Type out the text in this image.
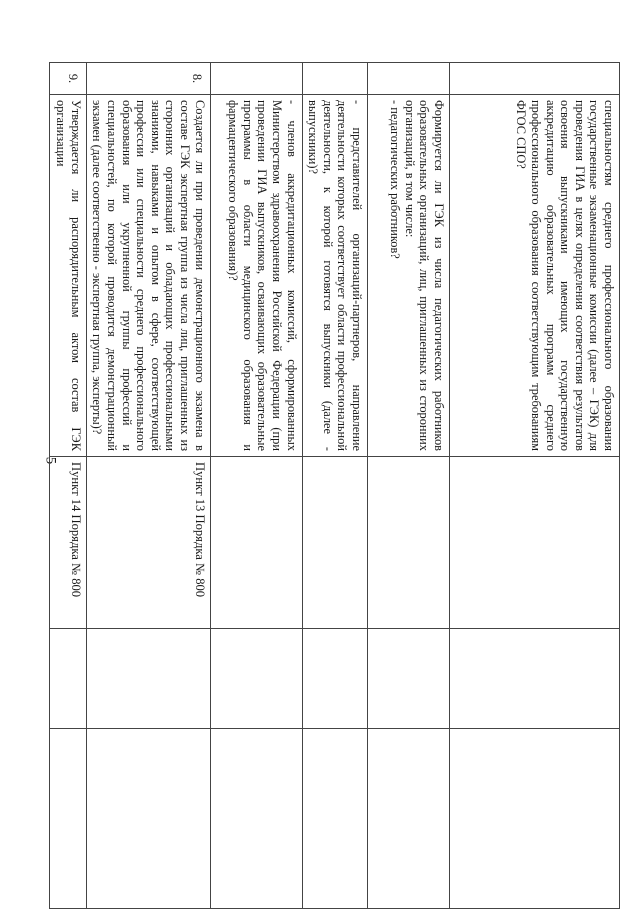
5
	специальностям среднего профессионального образования государственные экзаменационные комиссии (далее – ГЭК) для проведения ГИА в целях определения соответствия результатов освоения выпускниками имеющих государственную аккредитацию образовательных программ среднего профессионального образования соответствующим требованиям ФГОС СПО?			
	Формируется ли ГЭК из числа педагогических работников образовательных организаций, лиц, приглашенных из сторонних организаций, в том числе:
- педагогических работников?			
	- представителей организаций-партнеров, направление деятельности которых соответствует области профессиональной деятельности, к которой готовятся выпускники (далее - выпускники)?			
	- членов аккредитационных комиссий, сформированных Министерством здравоохранения Российской Федерации (при проведении ГИА выпускников, осваивающих образовательные программы в области медицинского образования и фармацевтического образования)?			
8.	Создается ли при проведении демонстрационного экзамена в составе ГЭК экспертная группа из числа лиц, приглашенных из сторонних организаций и обладающих профессиональными знаниями, навыками и опытом в сфере, соответствующей профессии или специальности среднего профессионального образования или укрупненной группы профессий и специальностей, по которой проводится демонстрационный экзамен (далее соответственно - экспертная группа, эксперты)?	Пункт 13 Порядка № 800		
9.	Утверждается ли распорядительным актом состав ГЭК организации	Пункт 14 Порядка № 800		
